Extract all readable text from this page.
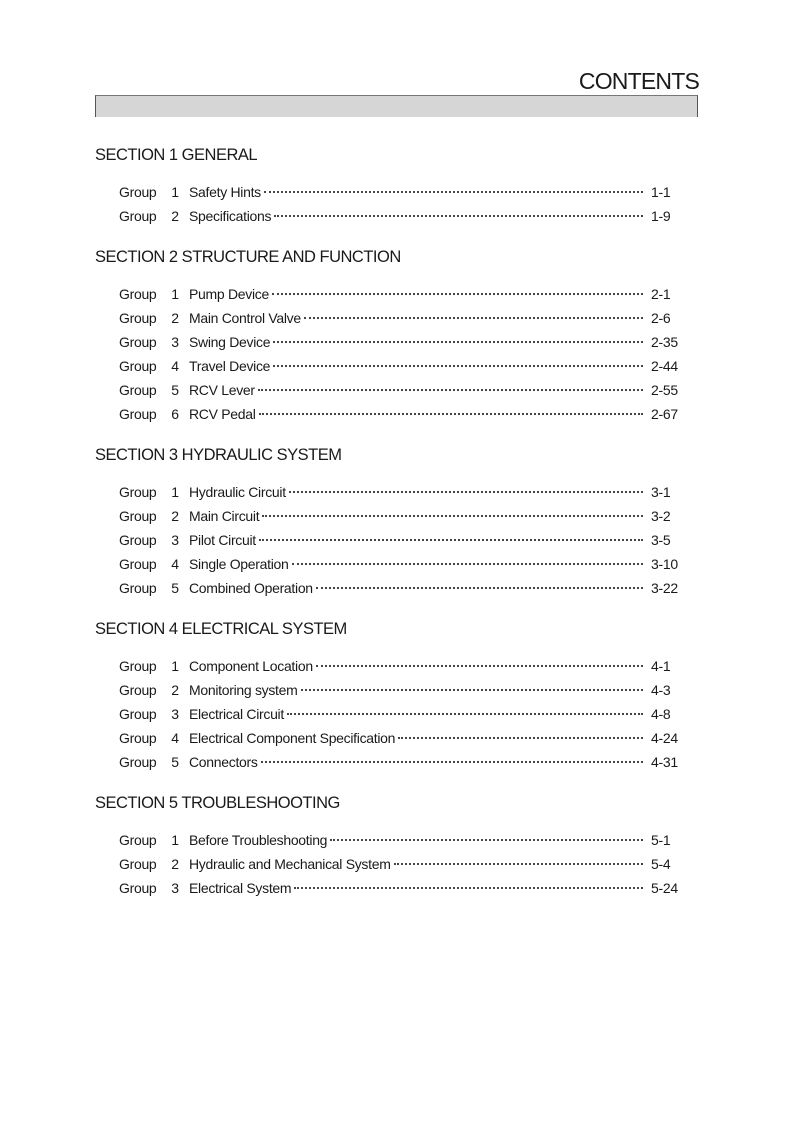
CONTENTS
SECTION 1 GENERAL
Group	1 Safety Hints	1-1
Group	2 Specifications	1-9
SECTION 2 STRUCTURE AND FUNCTION
Group	1 Pump Device	2-1
Group	2 Main Control Valve	2-6
Group	3 Swing Device	2-35
Group	4 Travel Device	2-44
Group	5 RCV Lever	2-55
Group	6 RCV Pedal	2-67
SECTION 3 HYDRAULIC SYSTEM
Group	1 Hydraulic Circuit	3-1
Group	2 Main Circuit	3-2
Group	3 Pilot Circuit	3-5
Group	4 Single Operation	3-10
Group	5 Combined Operation	3-22
SECTION 4 ELECTRICAL SYSTEM
Group	1 Component Location	4-1
Group	2 Monitoring system	4-3
Group	3 Electrical Circuit	4-8
Group	4 Electrical Component Specification	4-24
Group	5 Connectors	4-31
SECTION 5 TROUBLESHOOTING
Group	1 Before Troubleshooting	5-1
Group	2 Hydraulic and Mechanical System	5-4
Group	3 Electrical System	5-24
